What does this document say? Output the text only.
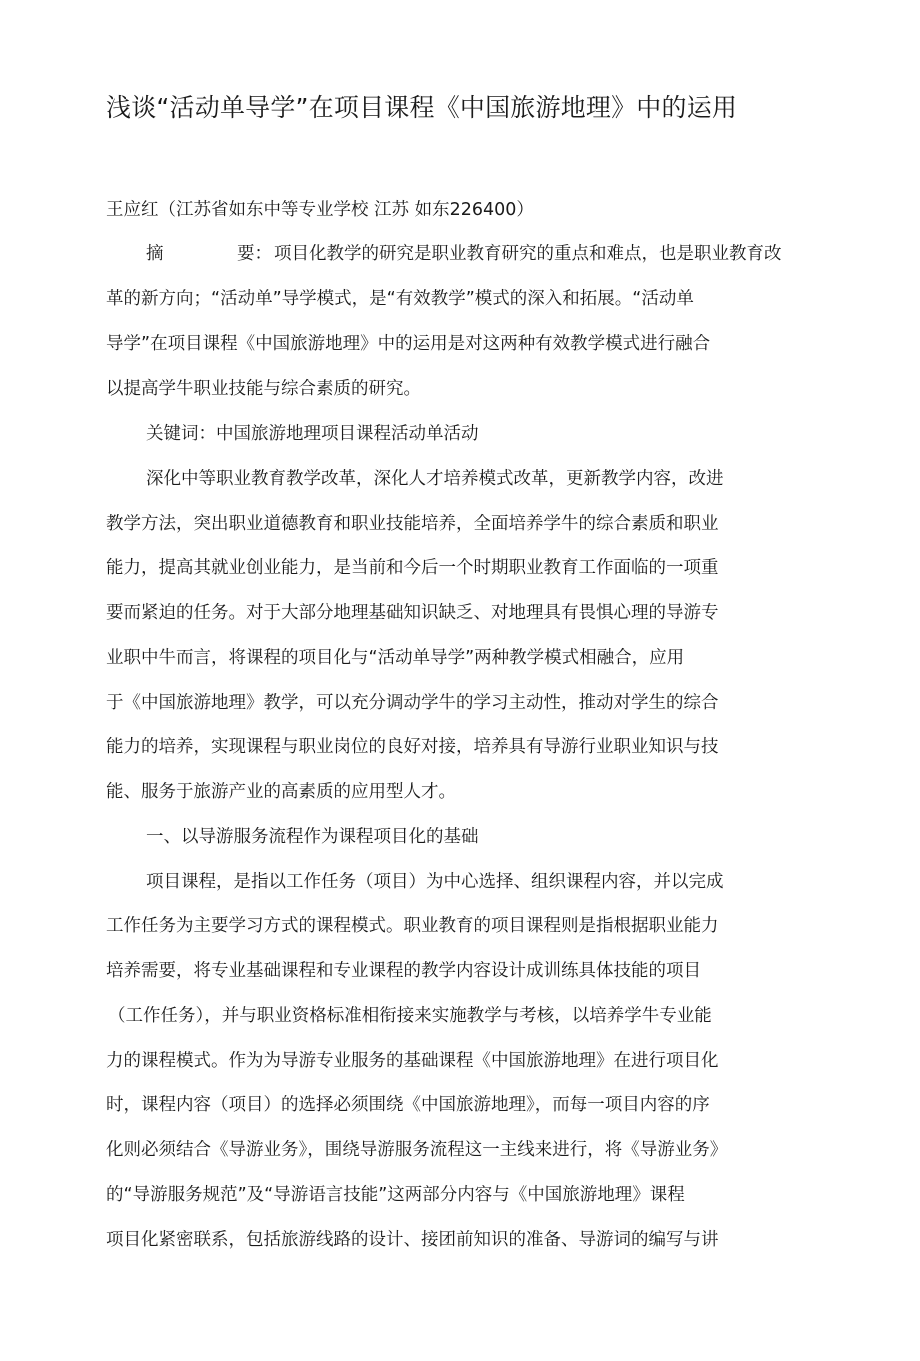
浅谈“活动单导学”在项目课程《中国旅游地理》中的运用

王应红（江苏省如东中等专业学校 江苏 如东226400）

摘	要： 项目化教学的研究是职业教育研究的重点和难点，也是职业教育改

革的新方向；“活动单”导学模式，是“有效教学”模式的深入和拓展。“活动单

导学”在项目课程《中国旅游地理》中的运用是对这两种有效教学模式进行融合

以提高学牛职业技能与综合素质的研究。

关键词：中国旅游地理项目课程活动单活动

深化中等职业教育教学改革，深化人才培养模式改革，更新教学内容，改进

教学方法，突出职业道德教育和职业技能培养，全面培养学牛的综合素质和职业

能力，提高其就业创业能力，是当前和今后一个时期职业教育工作面临的一项重

要而紧迫的任务。对于大部分地理基础知识缺乏、对地理具有畏惧心理的导游专

业职中牛而言，将课程的项目化与“活动单导学”两种教学模式相融合，应用

于《中国旅游地理》教学，可以充分调动学牛的学习主动性，推动对学生的综合

能力的培养，实现课程与职业岗位的良好对接，培养具有导游行业职业知识与技

能、服务于旅游产业的高素质的应用型人才。

一、以导游服务流程作为课程项目化的基础

项目课程，是指以工作任务（项目）为中心选择、组织课程内容，并以完成

工作任务为主要学习方式的课程模式。职业教育的项目课程则是指根据职业能力

培养需要，将专业基础课程和专业课程的教学内容设计成训练具体技能的项目

（工作任务），并与职业资格标准相衔接来实施教学与考核，以培养学牛专业能

力的课程模式。作为为导游专业服务的基础课程《中国旅游地理》在进行项目化

时，课程内容（项目）的选择必须围绕《中国旅游地理》，而每一项目内容的序

化则必须结合《导游业务》，围绕导游服务流程这一主线来进行，将《导游业务》

的“导游服务规范”及“导游语言技能”这两部分内容与《中国旅游地理》课程

项目化紧密联系，包括旅游线路的设计、接团前知识的准备、导游词的编写与讲
